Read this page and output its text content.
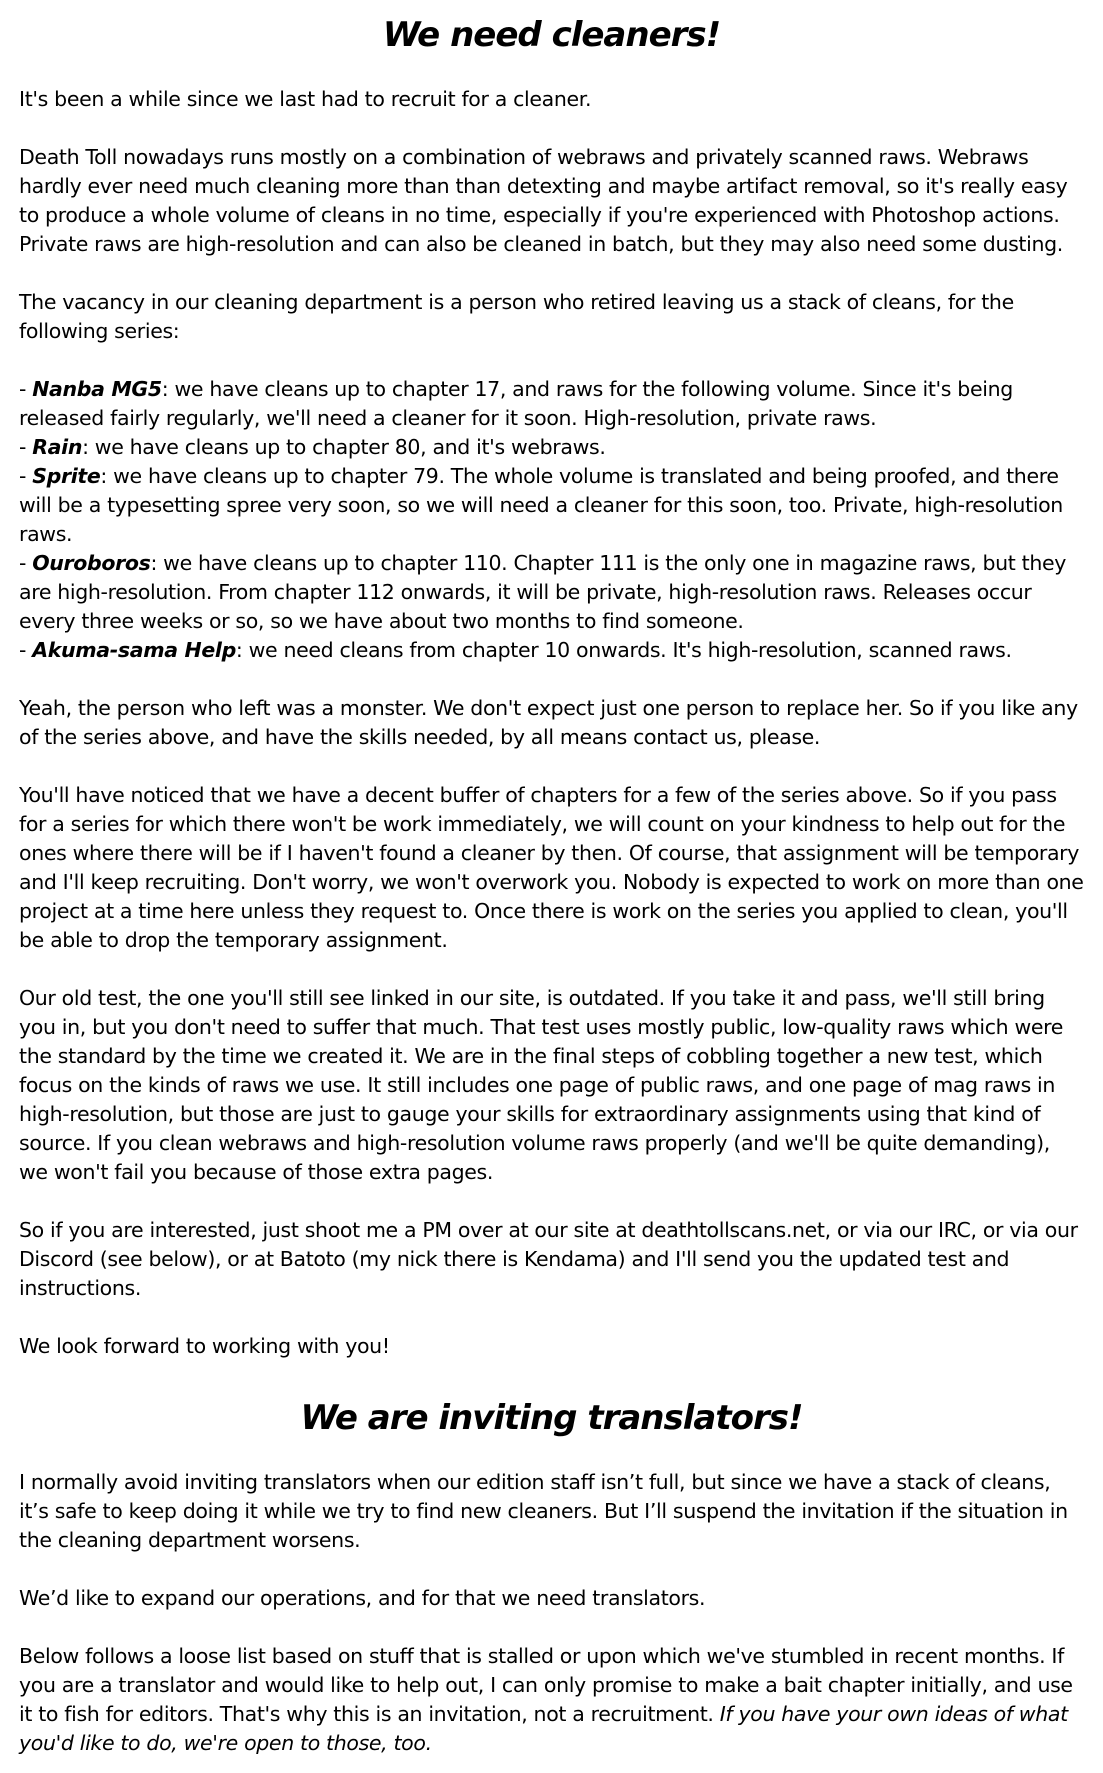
We need cleaners!

It's been a while since we last had to recruit for a cleaner.

Death Toll nowadays runs mostly on a combination of webraws and privately scanned raws. Webraws hardly ever need much cleaning more than than detexting and maybe artifact removal, so it's really easy to produce a whole volume of cleans in no time, especially if you're experienced with Photoshop actions. Private raws are high-resolution and can also be cleaned in batch, but they may also need some dusting.

The vacancy in our cleaning department is a person who retired leaving us a stack of cleans, for the following series:

- Nanba MG5: we have cleans up to chapter 17, and raws for the following volume. Since it's being released fairly regularly, we'll need a cleaner for it soon. High-resolution, private raws.
- Rain: we have cleans up to chapter 80, and it's webraws.
- Sprite: we have cleans up to chapter 79. The whole volume is translated and being proofed, and there will be a typesetting spree very soon, so we will need a cleaner for this soon, too. Private, high-resolution raws.
- Ouroboros: we have cleans up to chapter 110. Chapter 111 is the only one in magazine raws, but they are high-resolution. From chapter 112 onwards, it will be private, high-resolution raws. Releases occur every three weeks or so, so we have about two months to find someone.
- Akuma-sama Help: we need cleans from chapter 10 onwards. It's high-resolution, scanned raws.

Yeah, the person who left was a monster. We don't expect just one person to replace her. So if you like any of the series above, and have the skills needed, by all means contact us, please.

You'll have noticed that we have a decent buffer of chapters for a few of the series above. So if you pass for a series for which there won't be work immediately, we will count on your kindness to help out for the ones where there will be if I haven't found a cleaner by then. Of course, that assignment will be temporary and I'll keep recruiting. Don't worry, we won't overwork you. Nobody is expected to work on more than one project at a time here unless they request to. Once there is work on the series you applied to clean, you'll be able to drop the temporary assignment.

Our old test, the one you'll still see linked in our site, is outdated. If you take it and pass, we'll still bring you in, but you don't need to suffer that much. That test uses mostly public, low-quality raws which were the standard by the time we created it. We are in the final steps of cobbling together a new test, which focus on the kinds of raws we use. It still includes one page of public raws, and one page of mag raws in high-resolution, but those are just to gauge your skills for extraordinary assignments using that kind of source. If you clean webraws and high-resolution volume raws properly (and we'll be quite demanding), we won't fail you because of those extra pages.

So if you are interested, just shoot me a PM over at our site at deathtollscans.net, or via our IRC, or via our Discord (see below), or at Batoto (my nick there is Kendama) and I'll send you the updated test and instructions.

We look forward to working with you!

We are inviting translators!

I normally avoid inviting translators when our edition staff isn’t full, but since we have a stack of cleans, it’s safe to keep doing it while we try to find new cleaners. But I’ll suspend the invitation if the situation in the cleaning department worsens.

We’d like to expand our operations, and for that we need translators.

Below follows a loose list based on stuff that is stalled or upon which we've stumbled in recent months. If you are a translator and would like to help out, I can only promise to make a bait chapter initially, and use it to fish for editors. That's why this is an invitation, not a recruitment. If you have your own ideas of what you'd like to do, we're open to those, too.
